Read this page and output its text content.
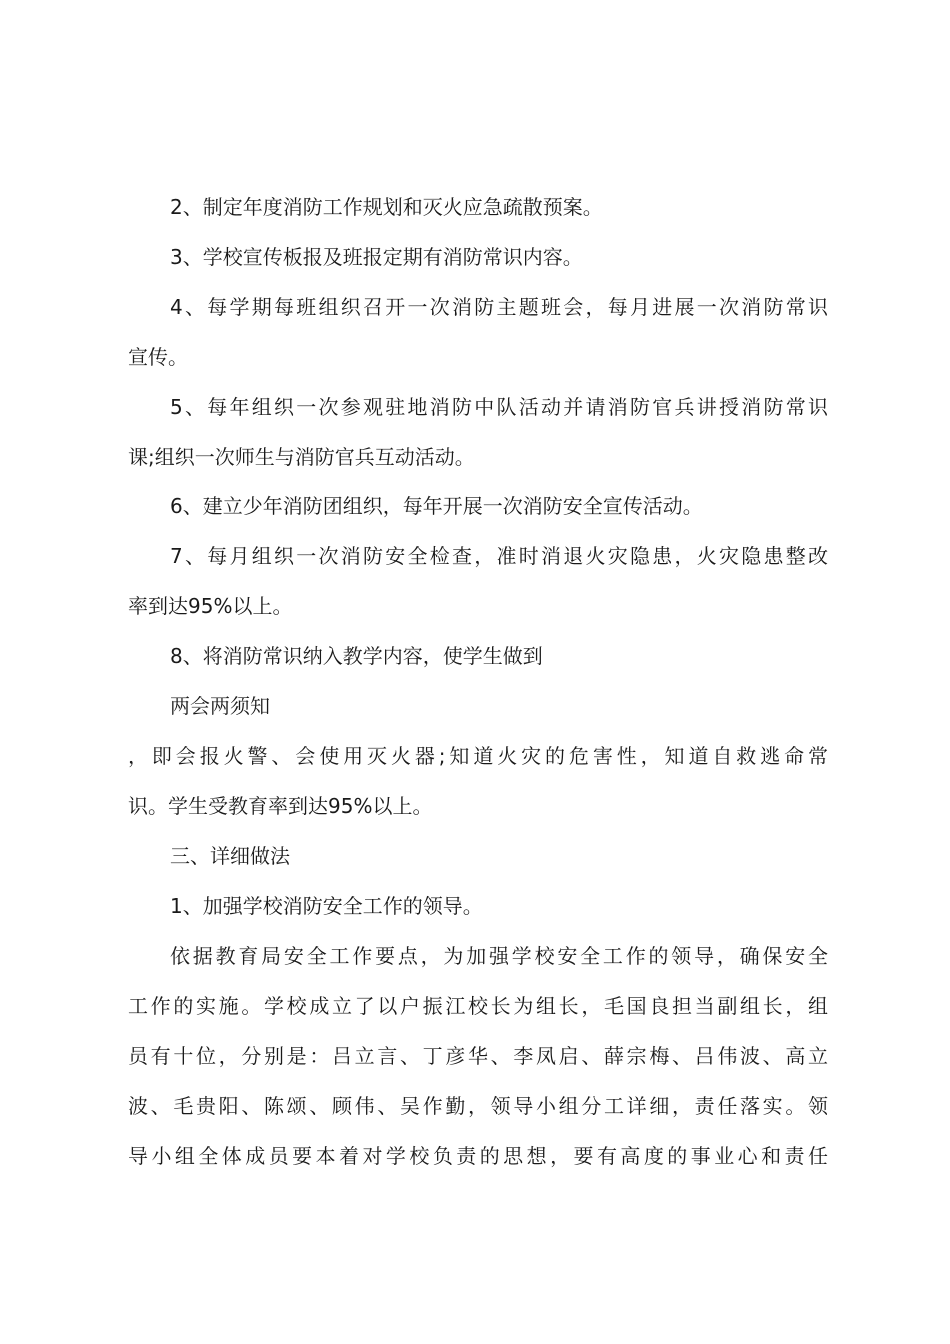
2、制定年度消防工作规划和灭火应急疏散预案。
3、学校宣传板报及班报定期有消防常识内容。
4、每学期每班组织召开一次消防主题班会，每月进展一次消防常识
宣传。
5、每年组织一次参观驻地消防中队活动并请消防官兵讲授消防常识
课;组织一次师生与消防官兵互动活动。
6、建立少年消防团组织，每年开展一次消防安全宣传活动。
7、每月组织一次消防安全检查，准时消退火灾隐患，火灾隐患整改
率到达95%以上。
8、将消防常识纳入教学内容，使学生做到
两会两须知
，即会报火警、会使用灭火器;知道火灾的危害性，知道自救逃命常
识。学生受教育率到达95%以上。
三、详细做法
1、加强学校消防安全工作的领导。
依据教育局安全工作要点，为加强学校安全工作的领导，确保安全
工作的实施。学校成立了以户振江校长为组长，毛国良担当副组长，组
员有十位，分别是：吕立言、丁彦华、李凤启、薛宗梅、吕伟波、高立
波、毛贵阳、陈颂、顾伟、吴作勤，领导小组分工详细，责任落实。领
导小组全体成员要本着对学校负责的思想，要有高度的事业心和责任
